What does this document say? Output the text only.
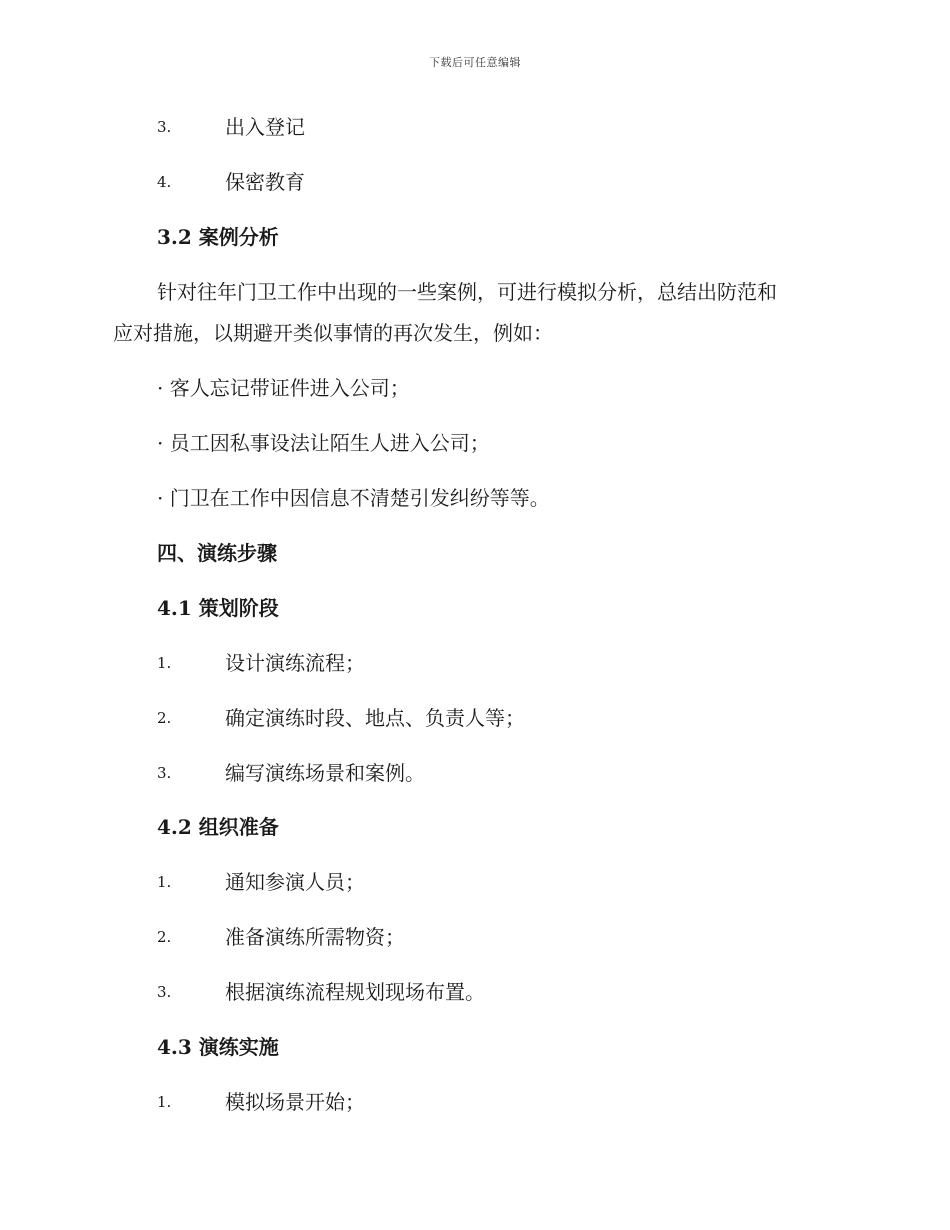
下载后可任意编辑
3.	出入登记
4.	保密教育
3.2 案例分析
针对往年门卫工作中出现的一些案例，可进行模拟分析，总结出防范和
应对措施，以期避开类似事情的再次发生，例如：
· 客人忘记带证件进入公司；
· 员工因私事设法让陌生人进入公司；
· 门卫在工作中因信息不清楚引发纠纷等等。
四、演练步骤
4.1 策划阶段
1.	设计演练流程；
2.	确定演练时段、地点、负责人等；
3.	编写演练场景和案例。
4.2 组织准备
1.	通知参演人员；
2.	准备演练所需物资；
3.	根据演练流程规划现场布置。
4.3 演练实施
1.	模拟场景开始；
